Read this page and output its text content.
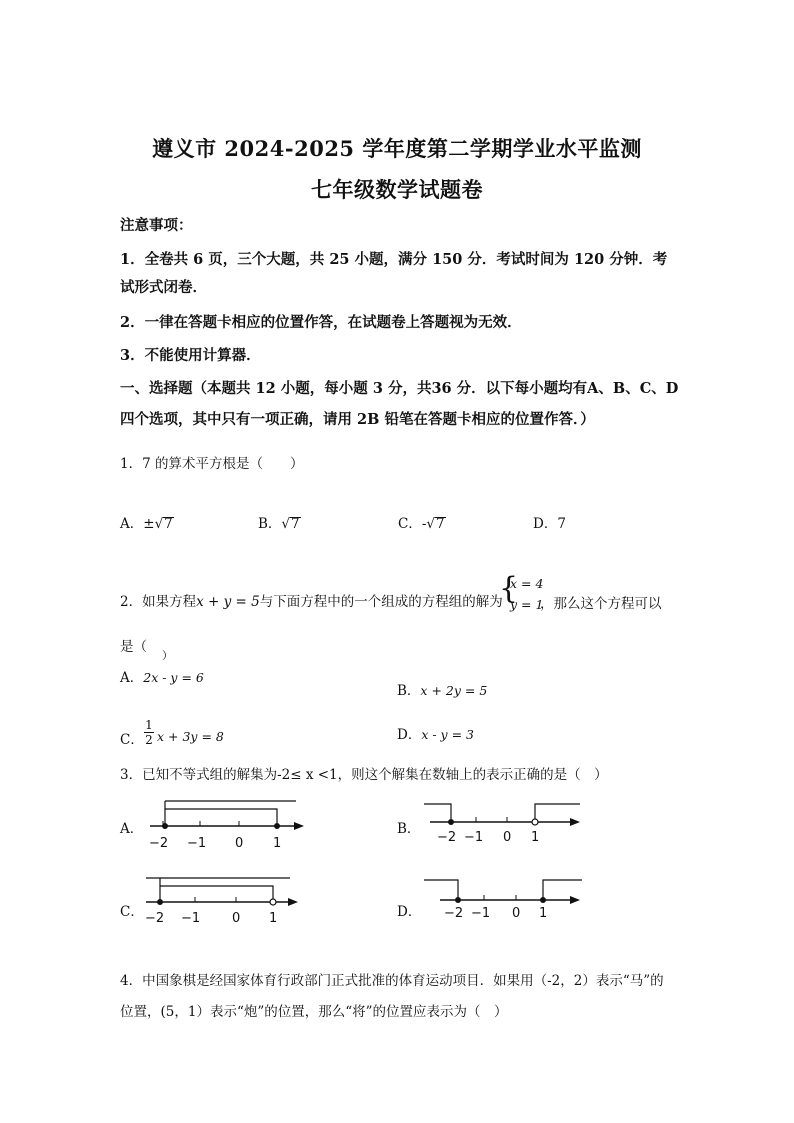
遵义市 2024-2025 学年度第二学期学业水平监测
七年级数学试题卷
注意事项：
1．全卷共 6 页，三个大题，共 25 小题，满分 150 分．考试时间为 120 分钟．考
试形式闭卷．
2．一律在答题卡相应的位置作答，在试题卷上答题视为无效．
3．不能使用计算器．
一、选择题（本题共 12 小题，每小题 3 分，共36 分．以下每小题均有A、B、C、D
四个选项，其中只有一项正确，请用 2B 铅笔在答题卡相应的位置作答．）
1．7 的算术平方根是（　　）
A．±√7	B．√7	C．-√7	D．7
2．如果方程x + y = 5与下面方程中的一个组成的方程组的解为
{
x = 4
y = 1
，那么这个方程可以
是（
）
A．2x - y = 6
B．x + 2y = 5
C． $\frac{1}{2}$ x + 3y = 8	D．x - y = 3
3．已知不等式组的解集为-2≤ x <1，则这个解集在数轴上的表示正确的是（　）
A．
−2 −1 0 1
B．
−2 −1 0 1
C． −2 −1 0 1	D． −2 −1 0 1
4．中国象棋是经国家体育行政部门正式批准的体育运动项目．如果用（-2，2）表示“马”的
位置，(5，1）表示“炮”的位置，那么“将”的位置应表示为（　）
